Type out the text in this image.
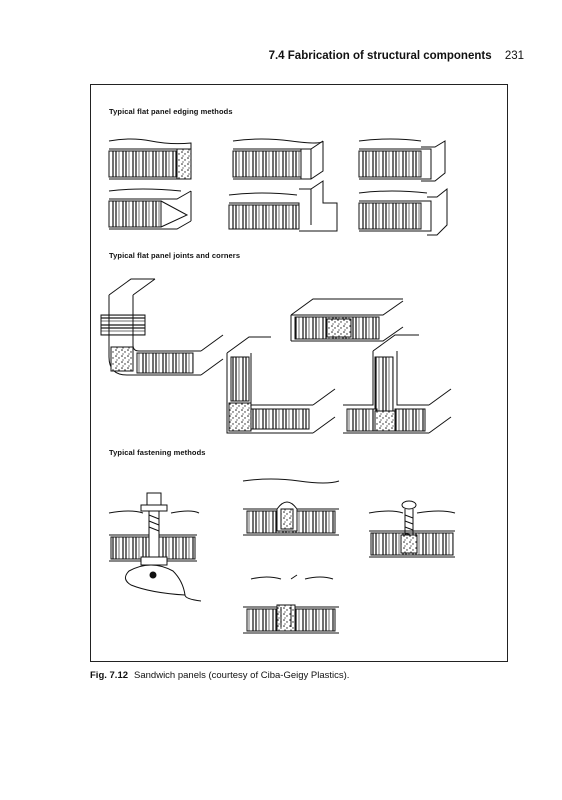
7.4 Fabrication of structural components 231
Typical flat panel edging methods
Typical flat panel joints and corners
Typical fastening methods
Fig. 7.12 Sandwich panels (courtesy of Ciba-Geigy Plastics).
